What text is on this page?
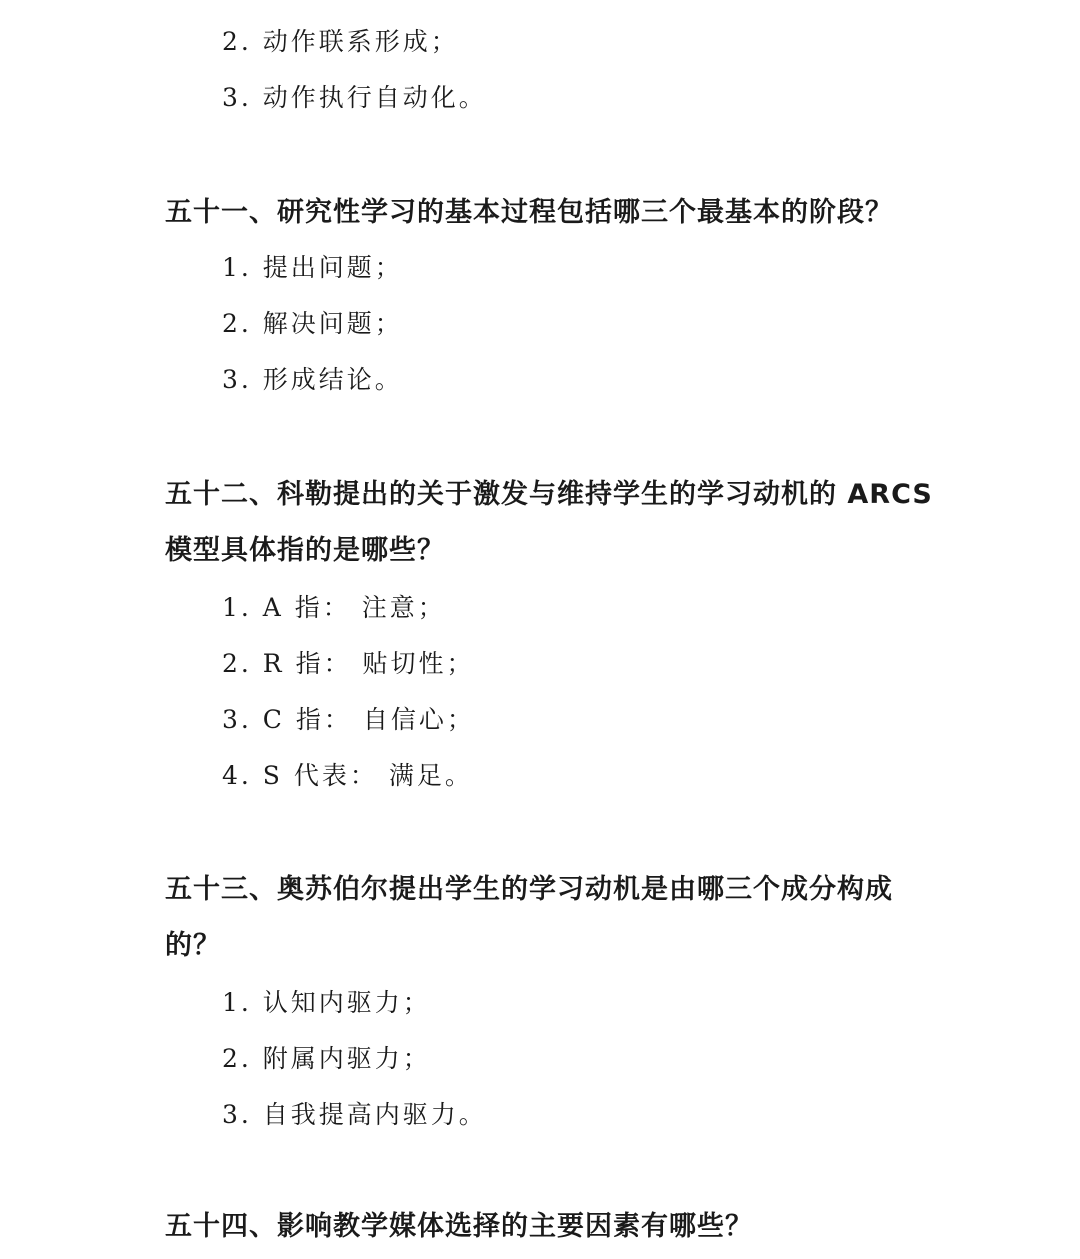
2. 动作联系形成；
3. 动作执行自动化。
五十一、研究性学习的基本过程包括哪三个最基本的阶段？
1. 提出问题；
2. 解决问题；
3. 形成结论。
五十二、科勒提出的关于激发与维持学生的学习动机的 ARCS
模型具体指的是哪些？
1. A 指： 注意；
2. R 指： 贴切性；
3. C 指： 自信心；
4. S 代表： 满足。
五十三、奥苏伯尔提出学生的学习动机是由哪三个成分构成
的？
1. 认知内驱力；
2. 附属内驱力；
3. 自我提高内驱力。
五十四、影响教学媒体选择的主要因素有哪些？
